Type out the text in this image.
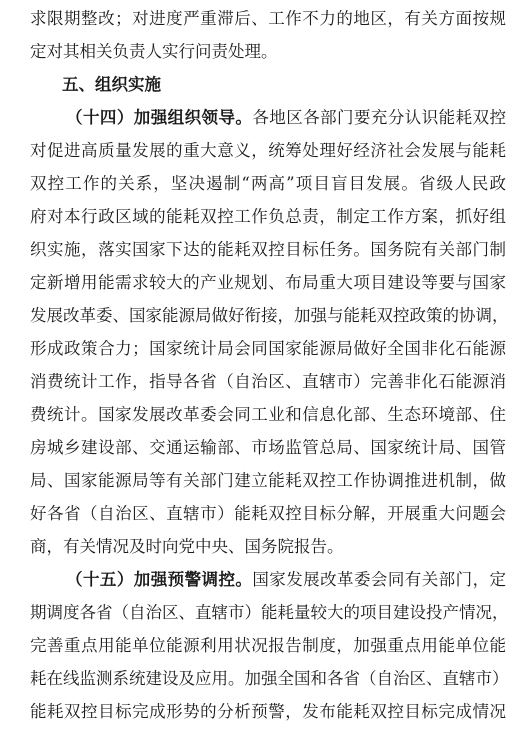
求限期整改；对进度严重滞后、工作不力的地区，有关方面按规
定对其相关负责人实行问责处理。
五、组织实施
（十四）加强组织领导。各地区各部门要充分认识能耗双控
对促进高质量发展的重大意义，统筹处理好经济社会发展与能耗
双控工作的关系，坚决遏制“两高”项目盲目发展。省级人民政
府对本行政区域的能耗双控工作负总责，制定工作方案，抓好组
织实施，落实国家下达的能耗双控目标任务。国务院有关部门制
定新增用能需求较大的产业规划、布局重大项目建设等要与国家
发展改革委、国家能源局做好衔接，加强与能耗双控政策的协调，
形成政策合力；国家统计局会同国家能源局做好全国非化石能源
消费统计工作，指导各省（自治区、直辖市）完善非化石能源消
费统计。国家发展改革委会同工业和信息化部、生态环境部、住
房城乡建设部、交通运输部、市场监管总局、国家统计局、国管
局、国家能源局等有关部门建立能耗双控工作协调推进机制，做
好各省（自治区、直辖市）能耗双控目标分解，开展重大问题会
商，有关情况及时向党中央、国务院报告。
（十五）加强预警调控。国家发展改革委会同有关部门，定
期调度各省（自治区、直辖市）能耗量较大的项目建设投产情况，
完善重点用能单位能源利用状况报告制度，加强重点用能单位能
耗在线监测系统建设及应用。加强全国和各省（自治区、直辖市）
能耗双控目标完成形势的分析预警，发布能耗双控目标完成情况
